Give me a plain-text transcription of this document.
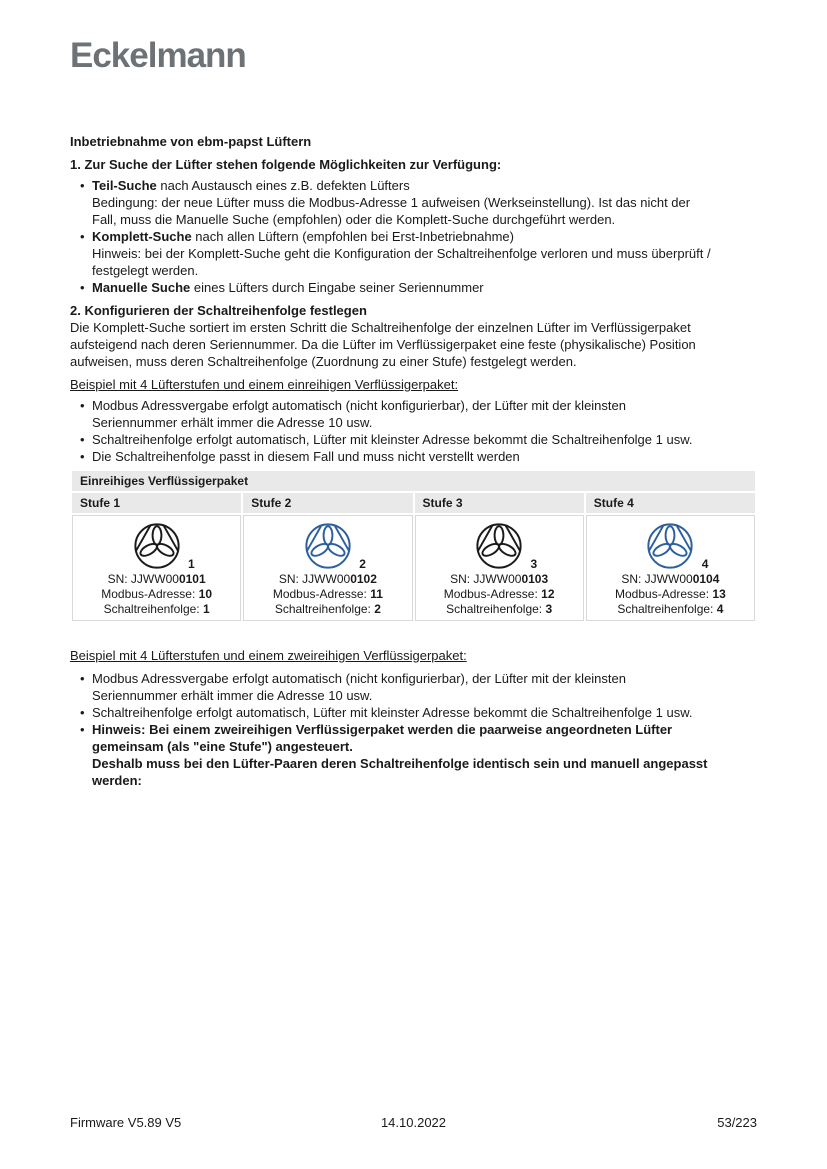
Eckelmann
Inbetriebnahme von ebm-papst Lüftern
1. Zur Suche der Lüfter stehen folgende Möglichkeiten zur Verfügung:
• Teil-Suche nach Austausch eines z.B. defekten Lüfters
Bedingung: der neue Lüfter muss die Modbus-Adresse 1 aufweisen (Werkseinstellung). Ist das nicht der
Fall, muss die Manuelle Suche (empfohlen) oder die Komplett-Suche durchgeführt werden.
• Komplett-Suche nach allen Lüftern (empfohlen bei Erst-Inbetriebnahme)
Hinweis: bei der Komplett-Suche geht die Konfiguration der Schaltreihenfolge verloren und muss überprüft /
festgelegt werden.
• Manuelle Suche eines Lüfters durch Eingabe seiner Seriennummer
2. Konfigurieren der Schaltreihenfolge festlegen
Die Komplett-Suche sortiert im ersten Schritt die Schaltreihenfolge der einzelnen Lüfter im Verflüssigerpaket
aufsteigend nach deren Seriennummer. Da die Lüfter im Verflüssigerpaket eine feste (physikalische) Position
aufweisen, muss deren Schaltreihenfolge (Zuordnung zu einer Stufe) festgelegt werden.
Beispiel mit 4 Lüfterstufen und einem einreihigen Verflüssigerpaket:
• Modbus Adressvergabe erfolgt automatisch (nicht konfigurierbar), der Lüfter mit der kleinsten
Seriennummer erhält immer die Adresse 10 usw.
• Schaltreihenfolge erfolgt automatisch, Lüfter mit kleinster Adresse bekommt die Schaltreihenfolge 1 usw.
• Die Schaltreihenfolge passt in diesem Fall und muss nicht verstellt werden
Einreihiges Verflüssigerpaket			
Stufe 1	Stufe 2	Stufe 3	Stufe 4

1
SN: JJWW000101
Modbus-Adresse: 10
Schaltreihenfolge: 1

2
SN: JJWW000102
Modbus-Adresse: 11
Schaltreihenfolge: 2

3
SN: JJWW000103
Modbus-Adresse: 12
Schaltreihenfolge: 3

4
SN: JJWW000104
Modbus-Adresse: 13
Schaltreihenfolge: 4
Beispiel mit 4 Lüfterstufen und einem zweireihigen Verflüssigerpaket:
• Modbus Adressvergabe erfolgt automatisch (nicht konfigurierbar), der Lüfter mit der kleinsten
Seriennummer erhält immer die Adresse 10 usw.
• Schaltreihenfolge erfolgt automatisch, Lüfter mit kleinster Adresse bekommt die Schaltreihenfolge 1 usw.
• Hinweis: Bei einem zweireihigen Verflüssigerpaket werden die paarweise angeordneten Lüfter
gemeinsam (als "eine Stufe") angesteuert.
Deshalb muss bei den Lüfter-Paaren deren Schaltreihenfolge identisch sein und manuell angepasst
werden:
Firmware V5.89 V5	14.10.2022	53/223
